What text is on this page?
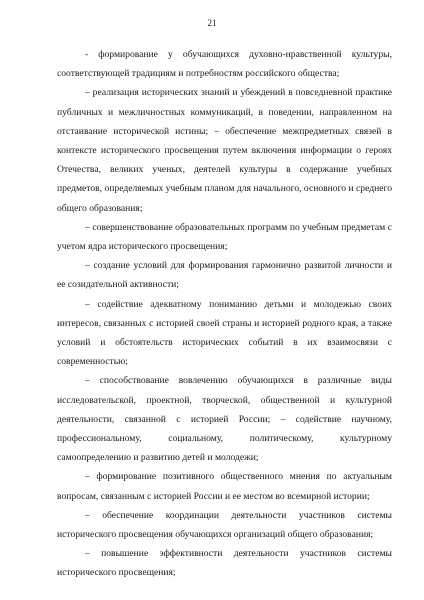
21

- формирование у обучающихся духовно-нравственной культуры, соответствующей традициям и потребностям российского общества;

– реализация исторических знаний и убеждений в повседневной практике публичных и межличностных коммуникаций, в поведении, направленном на отстаивание исторической истины; – обеспечение межпредметных связей в контексте исторического просвещения путем включения информации о героях Отечества, великих ученых, деятелей культуры в содержание учебных предметов, определяемых учебным планом для начального, основного и среднего общего образования;

– совершенствование образовательных программ по учебным предметам с учетом ядра исторического просвещения;

– создание условий для формирования гармонично развитой личности и ее созидательной активности;

– содействие адекватному пониманию детьми и молодежью своих интересов, связанных с историей своей страны и историей родного края, а также условий и обстоятельств исторических событий в их взаимосвязи с современностью;

– способствование вовлечению обучающихся в различные виды исследовательской, проектной, творческой, общественной и культурной деятельности, связанной с историей России; – содействие научному, профессиональному, социальному, политическому, культурному самоопределению и развитию детей и молодежи;

– формирование позитивного общественного мнения по актуальным вопросам, связанным с историей России и ее местом во всемирной истории;

– обеспечение координации деятельности участников системы исторического просвещения обучающихся организаций общего образования;

– повышение эффективности деятельности участников системы исторического просвещения;
